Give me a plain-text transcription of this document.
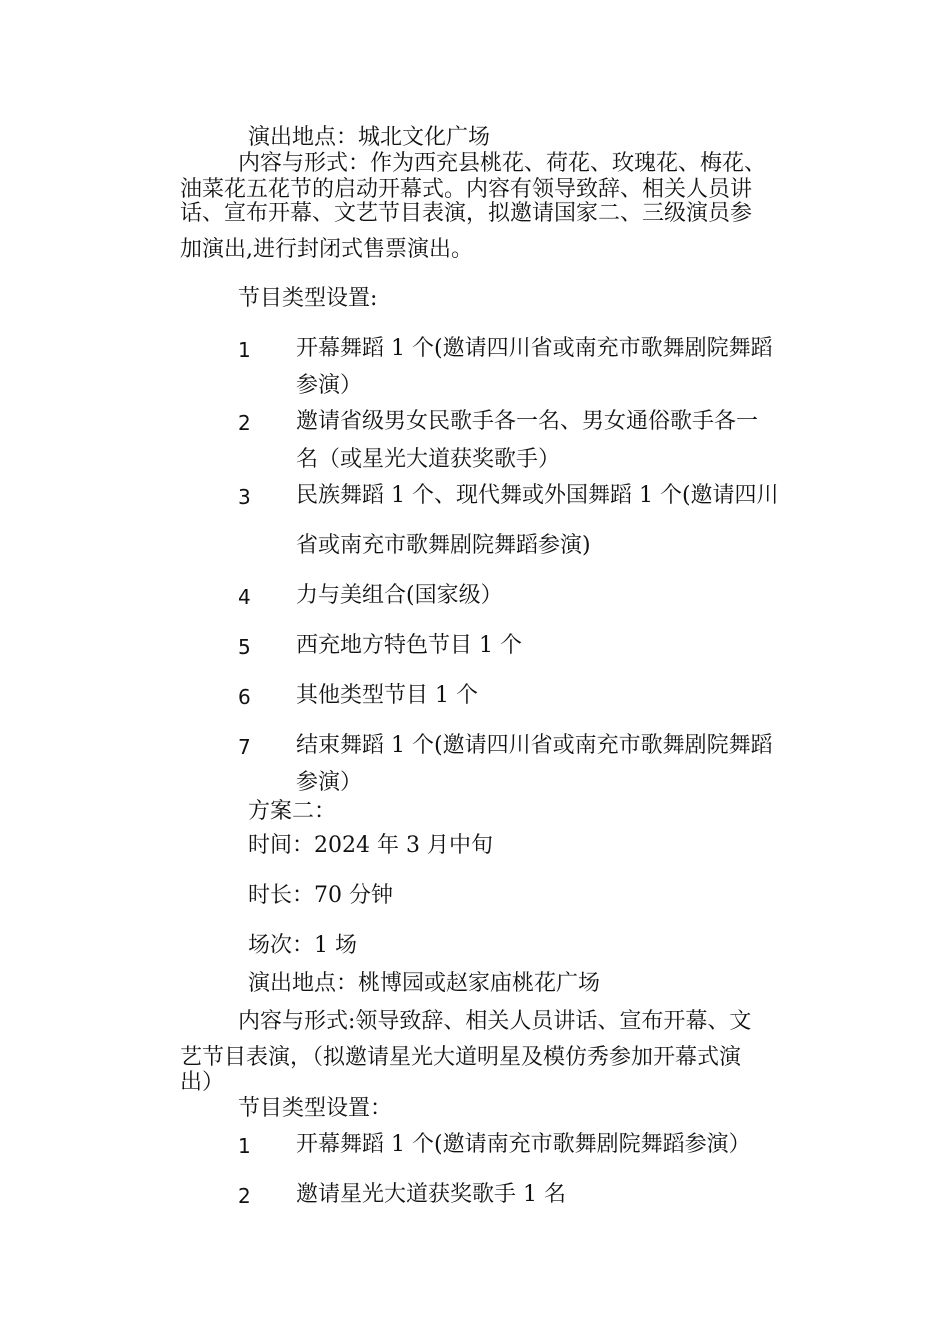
演出地点：城北文化广场
内容与形式：作为西充县桃花、荷花、玫瑰花、梅花、
油菜花五花节的启动开幕式。内容有领导致辞、相关人员讲
话、宣布开幕、文艺节目表演，拟邀请国家二、三级演员参
加演出,进行封闭式售票演出。
节目类型设置:
1 开幕舞蹈 1 个(邀请四川省或南充市歌舞剧院舞蹈
参演）
2 邀请省级男女民歌手各一名、男女通俗歌手各一
名（或星光大道获奖歌手）
3 民族舞蹈 1 个、现代舞或外国舞蹈 1 个(邀请四川
省或南充市歌舞剧院舞蹈参演)
4 力与美组合(国家级）
5 西充地方特色节目 1 个
6 其他类型节目 1 个
7 结束舞蹈 1 个(邀请四川省或南充市歌舞剧院舞蹈
参演）
方案二：
时间：2024 年 3 月中旬
时长：70 分钟
场次：1 场
演出地点：桃博园或赵家庙桃花广场
内容与形式:领导致辞、相关人员讲话、宣布开幕、文
艺节目表演，（拟邀请星光大道明星及模仿秀参加开幕式演
出）
节目类型设置：
1 开幕舞蹈 1 个(邀请南充市歌舞剧院舞蹈参演）
2 邀请星光大道获奖歌手 1 名
